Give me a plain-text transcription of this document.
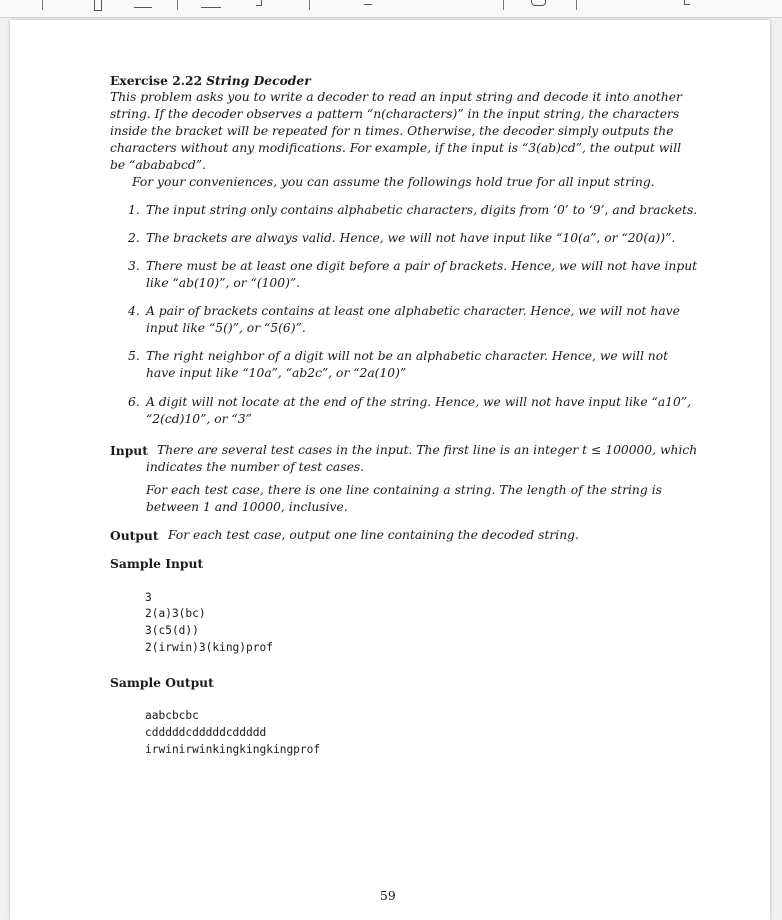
Exercise 2.22 String Decoder
This problem asks you to write a decoder to read an input string and decode it into another
string. If the decoder observes a pattern “n(characters)” in the input string, the characters
inside the bracket will be repeated for n times. Otherwise, the decoder simply outputs the
characters without any modifications. For example, if the input is “3(ab)cd”, the output will
be “abababcd”.
For your conveniences, you can assume the followings hold true for all input string.
1. The input string only contains alphabetic characters, digits from ‘0’ to ‘9’, and brackets.
2. The brackets are always valid. Hence, we will not have input like “10(a”, or “20(a))”.
3. There must be at least one digit before a pair of brackets. Hence, we will not have input
like “ab(10)”, or “(100)”.
4. A pair of brackets contains at least one alphabetic character. Hence, we will not have
input like “5()”, or “5(6)”.
5. The right neighbor of a digit will not be an alphabetic character. Hence, we will not
have input like “10a”, “ab2c”, or “2a(10)”
6. A digit will not locate at the end of the string. Hence, we will not have input like “a10”,
“2(cd)10”, or “3”
Input There are several test cases in the input. The first line is an integer t ≤ 100000, which
indicates the number of test cases.
For each test case, there is one line containing a string. The length of the string is
between 1 and 10000, inclusive.
Output For each test case, output one line containing the decoded string.
Sample Input
3
2(a)3(bc)
3(c5(d))
2(irwin)3(king)prof
Sample Output
aabcbcbc
cdddddcdddddcddddd
irwinirwinkingkingkingprof
59
